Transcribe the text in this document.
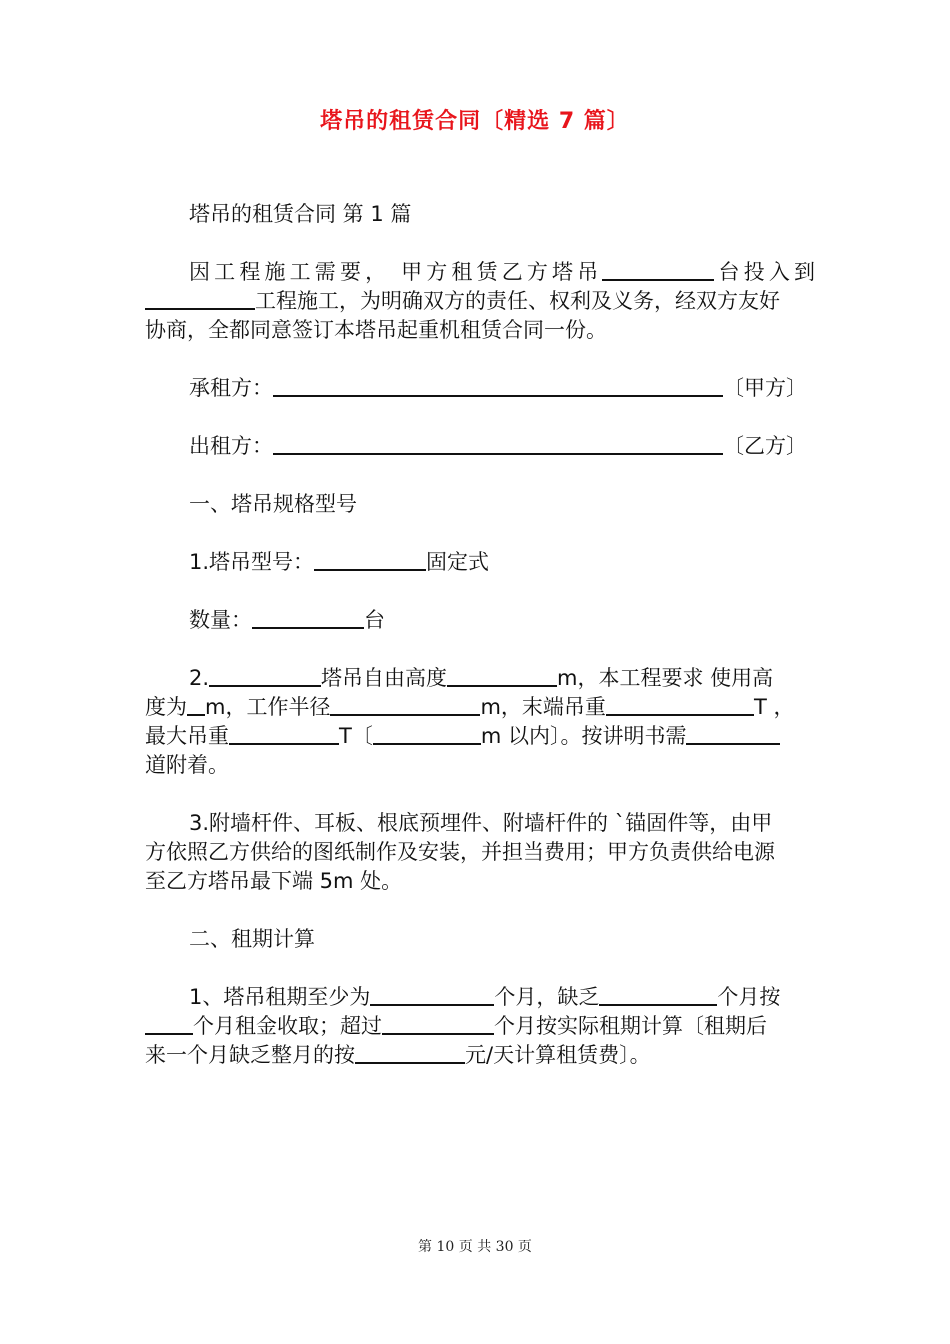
塔吊的租赁合同〔精选 7 篇〕
塔吊的租赁合同 第 1 篇
因工程施工需要， 甲方租赁乙方塔吊	台投入到
工程施工，为明确双方的责任、权利及义务，经双方友好
协商，全都同意签订本塔吊起重机租赁合同一份。
承租方：	〔甲方〕
出租方：	〔乙方〕
一、塔吊规格型号
1.塔吊型号：	固定式
数量：	台
2.	塔吊自由高度	m，本工程要求 使用高
度为 m，工作半径	m，末端吊重	T ，
最大吊重	T〔	m 以内〕。按讲明书需
道附着。
3.附墙杆件、耳板、根底预埋件、附墙杆件的 `锚固件等，由甲
方依照乙方供给的图纸制作及安装，并担当费用；甲方负责供给电源
至乙方塔吊最下端 5m 处。
二、租期计算
1、塔吊租期至少为	个月，缺乏	个月按
个月租金收取；超过	个月按实际租期计算〔租期后
来一个月缺乏整月的按	元/天计算租赁费〕。
第 10 页 共 30 页
